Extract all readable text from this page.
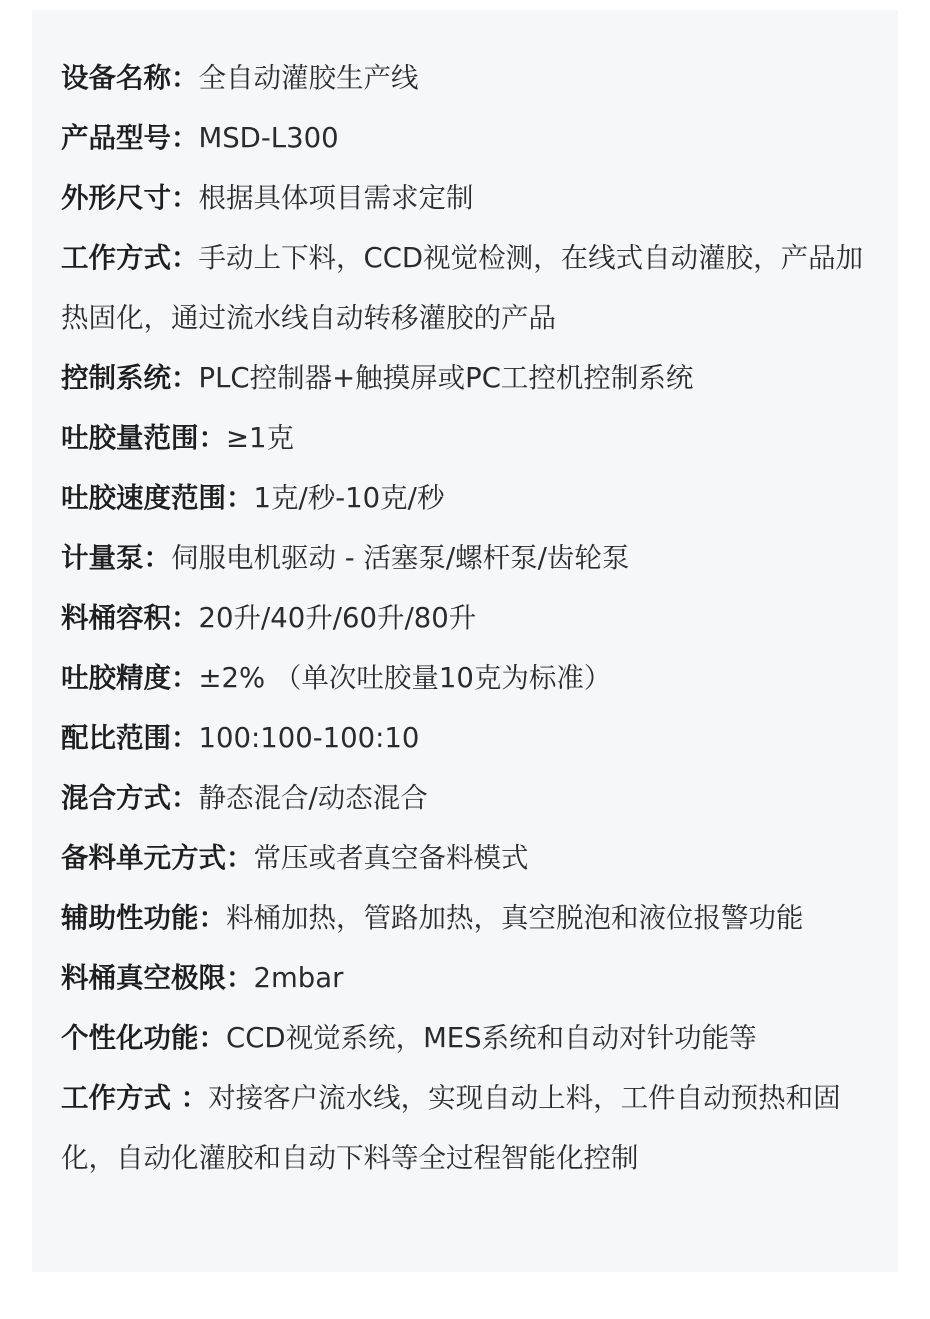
设备名称：全自动灌胶生产线
产品型号：MSD-L300
外形尺寸：根据具体项目需求定制
工作方式：手动上下料，CCD视觉检测，在线式自动灌胶，产品加热固化，通过流水线自动转移灌胶的产品
控制系统：PLC控制器+触摸屏或PC工控机控制系统
吐胶量范围：≥1克
吐胶速度范围：1克/秒-10克/秒
计量泵：伺服电机驱动 - 活塞泵/螺杆泵/齿轮泵
料桶容积：20升/40升/60升/80升
吐胶精度：±2% （单次吐胶量10克为标准）
配比范围：100:100-100:10
混合方式：静态混合/动态混合
备料单元方式：常压或者真空备料模式
辅助性功能：料桶加热，管路加热，真空脱泡和液位报警功能
料桶真空极限：2mbar
个性化功能：CCD视觉系统，MES系统和自动对针功能等
工作方式 ：对接客户流水线，实现自动上料，工件自动预热和固化，自动化灌胶和自动下料等全过程智能化控制
